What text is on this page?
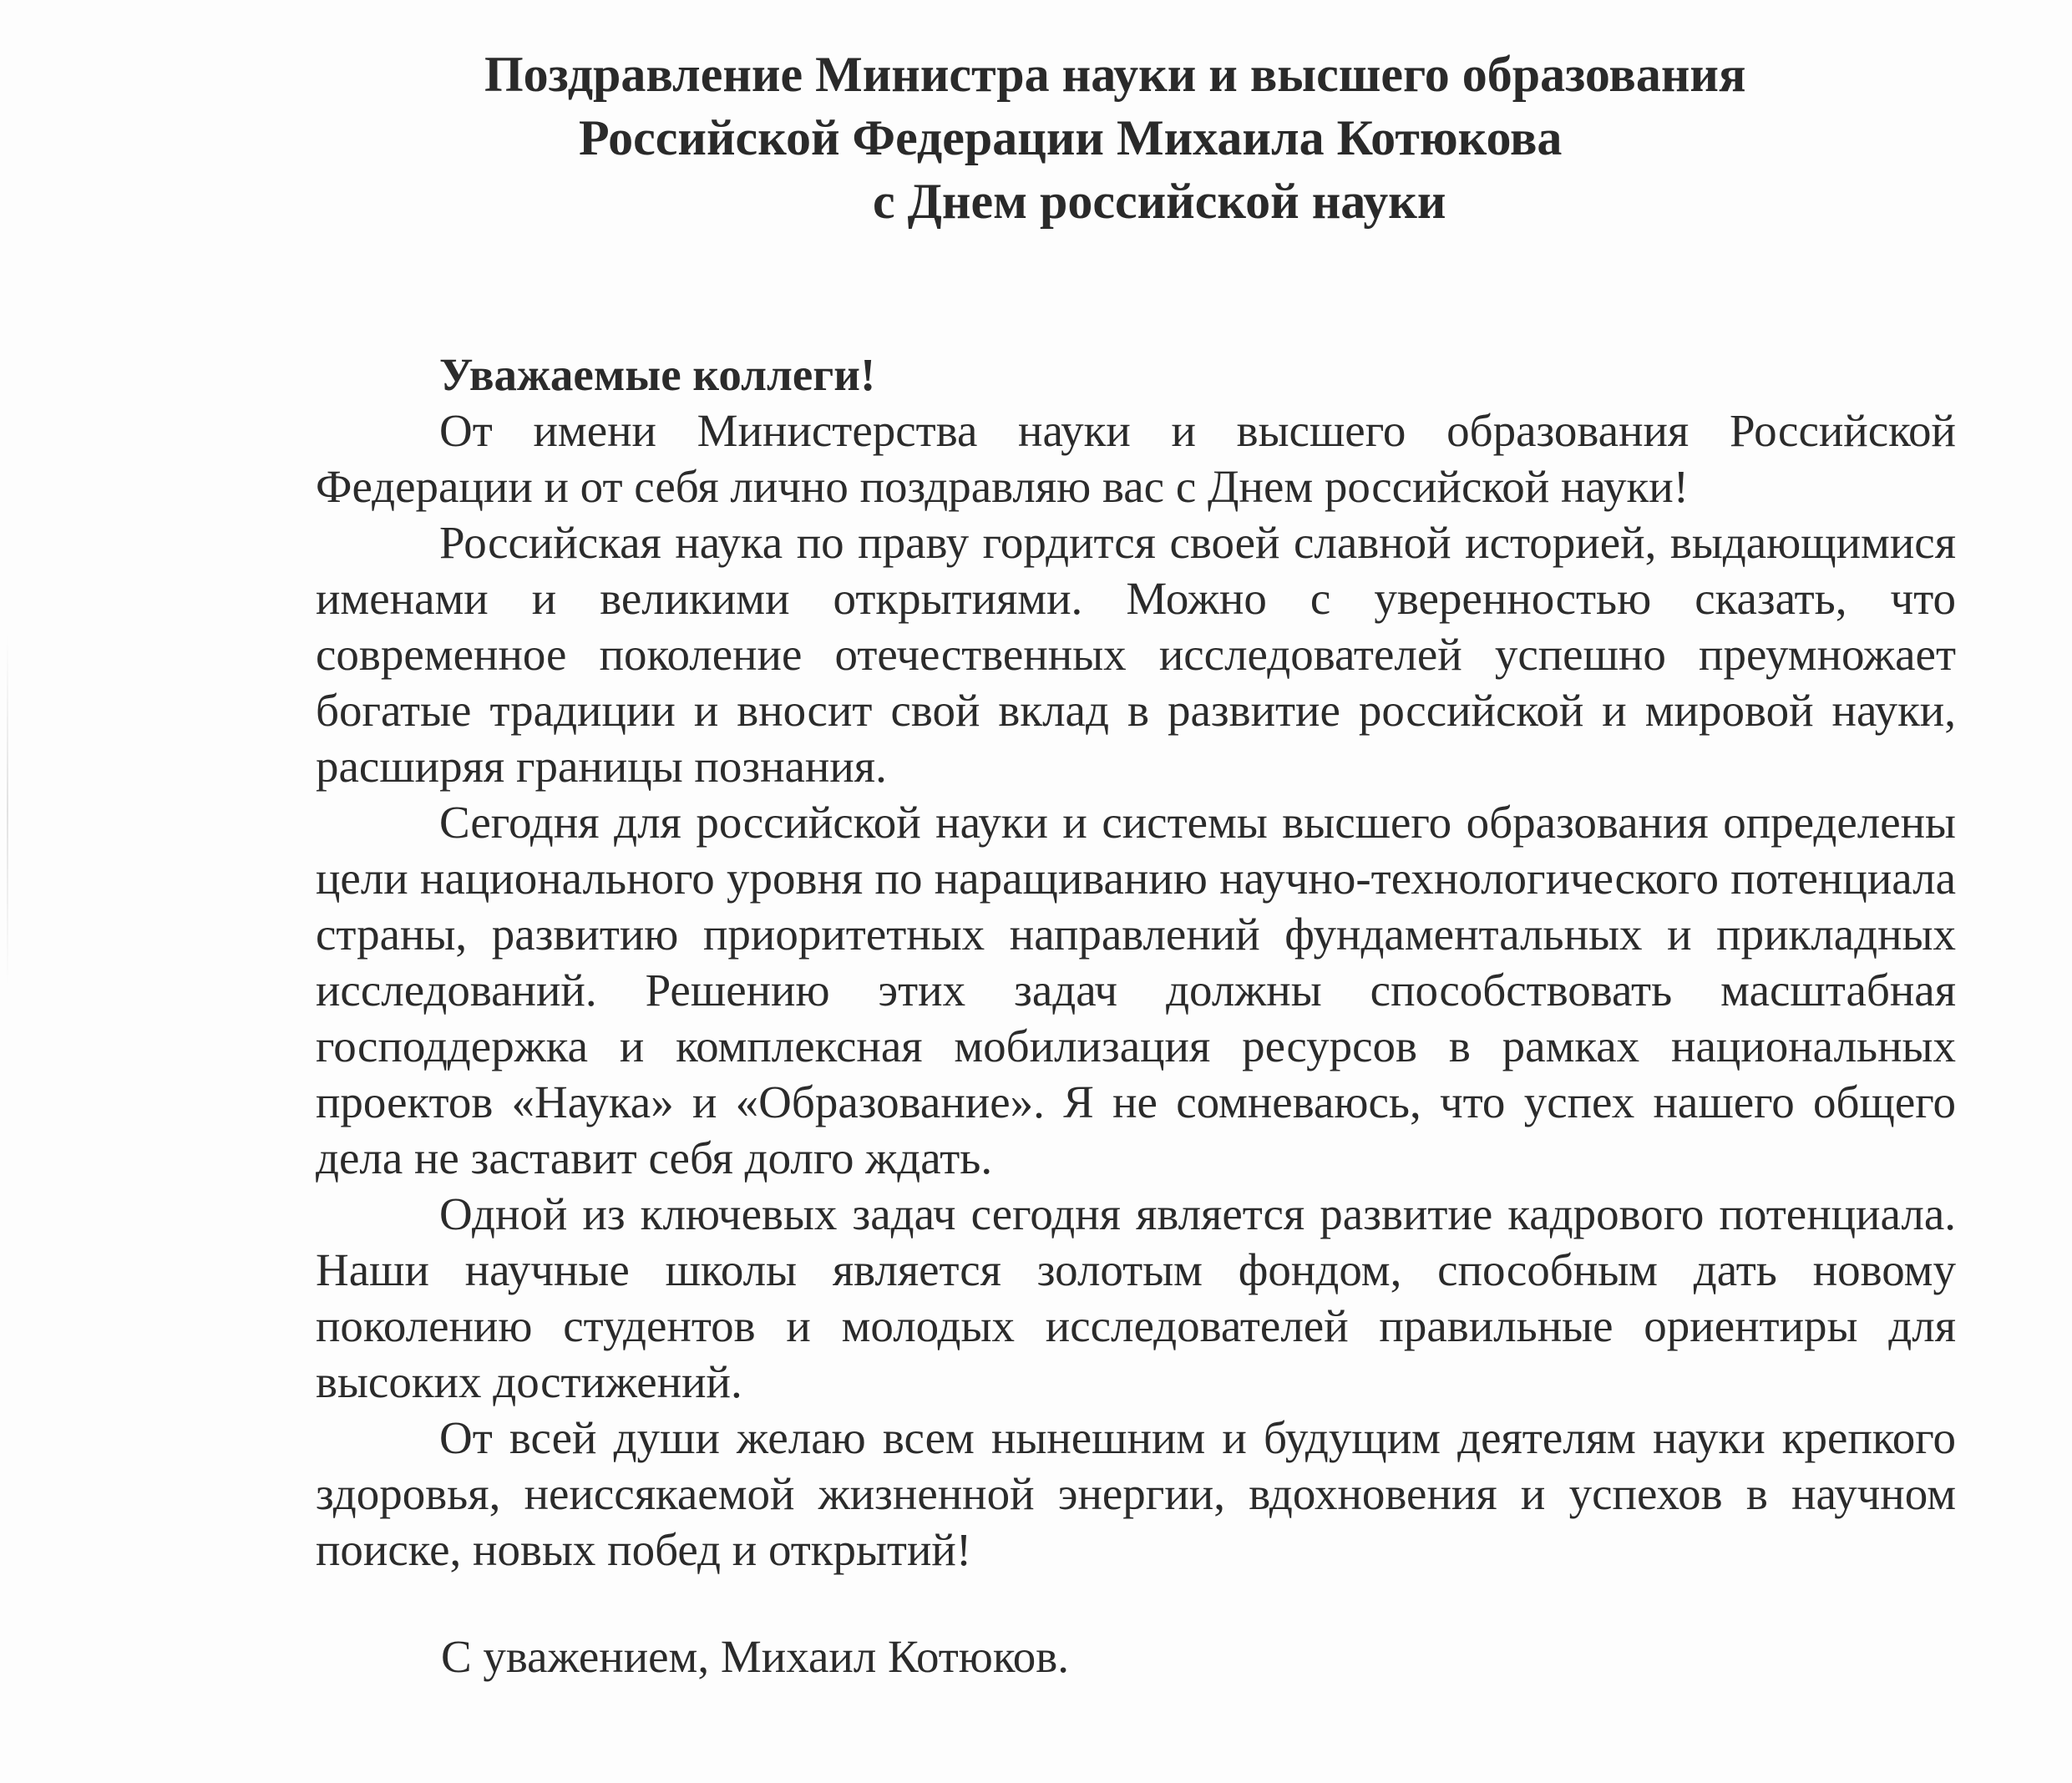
Поздравление Министра науки и высшего образования
Российской Федерации Михаила Котюкова
с Днем российской науки

Уважаемые коллеги!

От имени Министерства науки и высшего образования Российской Федерации и от себя лично поздравляю вас с Днем российской науки!

Российская наука по праву гордится своей славной историей, выдающимися именами и великими открытиями. Можно с уверенностью сказать, что современное поколение отечественных исследователей успешно преумножает богатые традиции и вносит свой вклад в развитие российской и мировой науки, расширяя границы познания.

Сегодня для российской науки и системы высшего образования определены цели национального уровня по наращиванию научно-технологического потенциала страны, развитию приоритетных направлений фундаментальных и прикладных исследований. Решению этих задач должны способствовать масштабная господдержка и комплексная мобилизация ресурсов в рамках национальных проектов «Наука» и «Образование». Я не сомневаюсь, что успех нашего общего дела не заставит себя долго ждать.

Одной из ключевых задач сегодня является развитие кадрового потенциала. Наши научные школы является золотым фондом, способным дать новому поколению студентов и молодых исследователей правильные ориентиры для высоких достижений.

От всей души желаю всем нынешним и будущим деятелям науки крепкого здоровья, неиссякаемой жизненной энергии, вдохновения и успехов в научном поиске, новых побед и открытий!

С уважением, Михаил Котюков.
